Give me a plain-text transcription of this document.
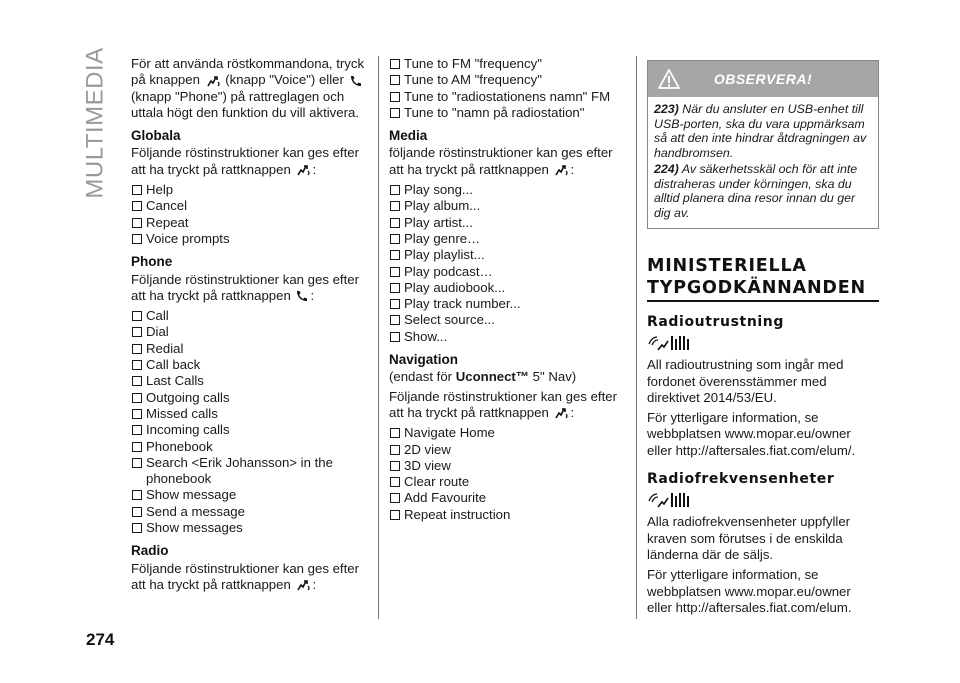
MULTIMEDIA
274

För att använda röstkommandona, tryck på knappen (knapp "Voice") eller  (knapp "Phone") på rattreglagen och uttala högt den funktion du vill aktivera.

Globala

Följande röstinstruktioner kan ges efter att ha tryckt på rattknappen :

Help
Cancel
Repeat
Voice prompts
Phone

Följande röstinstruktioner kan ges efter att ha tryckt på rattknappen :

Call
Dial
Redial
Call back
Last Calls
Outgoing calls
Missed calls
Incoming calls
Phonebook
Search <Erik Johansson> in the phonebook
Show message
Send a message
Show messages
Radio

Följande röstinstruktioner kan ges efter att ha tryckt på rattknappen :

Tune to FM "frequency"
Tune to AM "frequency"
Tune to "radiostationens namn" FM
Tune to "namn på radiostation"
Media

följande röstinstruktioner kan ges efter att ha tryckt på rattknappen :

Play song...
Play album...
Play artist...
Play genre…
Play playlist...
Play podcast…
Play audiobook...
Play track number...
Select source...
Show...
Navigation

(endast för Uconnect™ 5" Nav)

Följande röstinstruktioner kan ges efter att ha tryckt på rattknappen :

Navigate Home
2D view
3D view
Clear route
Add Favourite
Repeat instruction
OBSERVERA!

223) När du ansluter en USB-enhet till USB-porten, ska du vara uppmärksam så att den inte hindrar åtdragningen av handbromsen.

224) Av säkerhetsskäl och för att inte distraheras under körningen, ska du alltid planera dina resor innan du ger dig av.

MINISTERIELLA TYPGODKÄNNANDEN
Radioutrustning

All radioutrustning som ingår med fordonet överensstämmer med direktivet 2014/53/EU.

För ytterligare information, se webbplatsen www.mopar.eu/owner eller http://aftersales.fiat.com/elum/.

Radiofrekvensenheter

Alla radiofrekvensenheter uppfyller kraven som förutses i de enskilda länderna där de säljs.

För ytterligare information, se webbplatsen www.mopar.eu/owner eller http://aftersales.fiat.com/elum.
